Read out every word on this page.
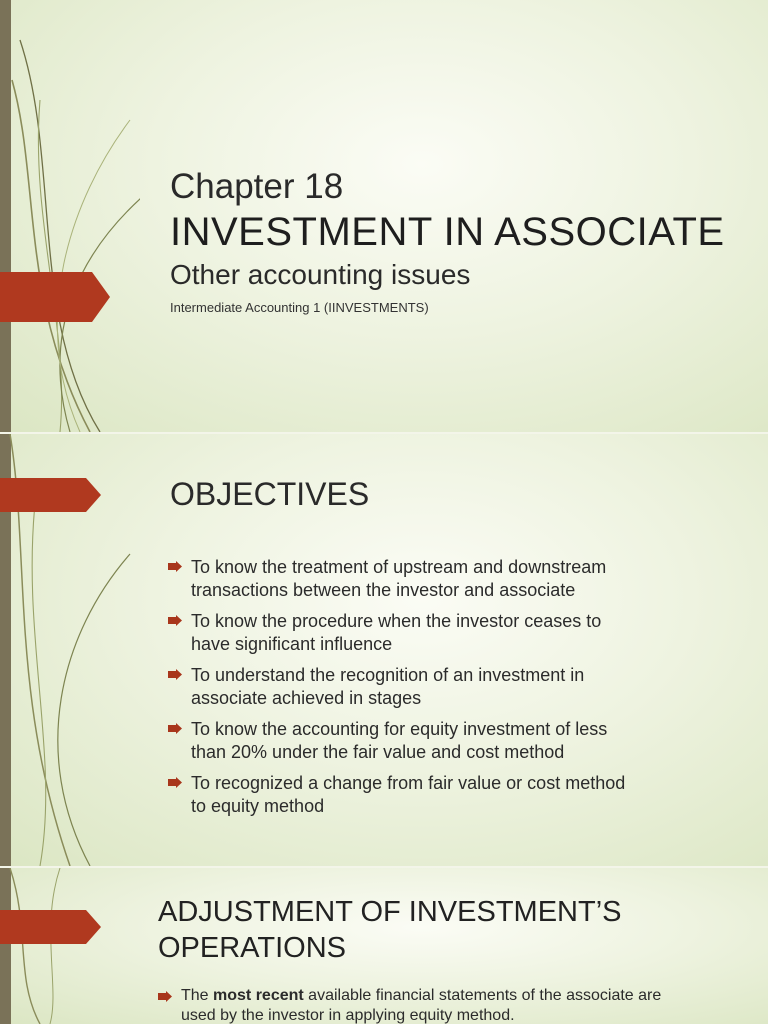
Chapter 18
INVESTMENT IN ASSOCIATE
Other accounting issues
Intermediate Accounting 1 (IINVESTMENTS)
OBJECTIVES
To know the treatment of upstream and downstream
transactions between the investor and associate
To know the procedure when the investor ceases to
have significant influence
To understand the recognition of an investment in
associate achieved in stages
To know the accounting for equity investment of less
than 20% under the fair value and cost method
To recognized a change from fair value or cost method
to equity method
ADJUSTMENT OF INVESTMENT’S
OPERATIONS
The most recent available financial statements of the associate are
used by the investor in applying equity method.
